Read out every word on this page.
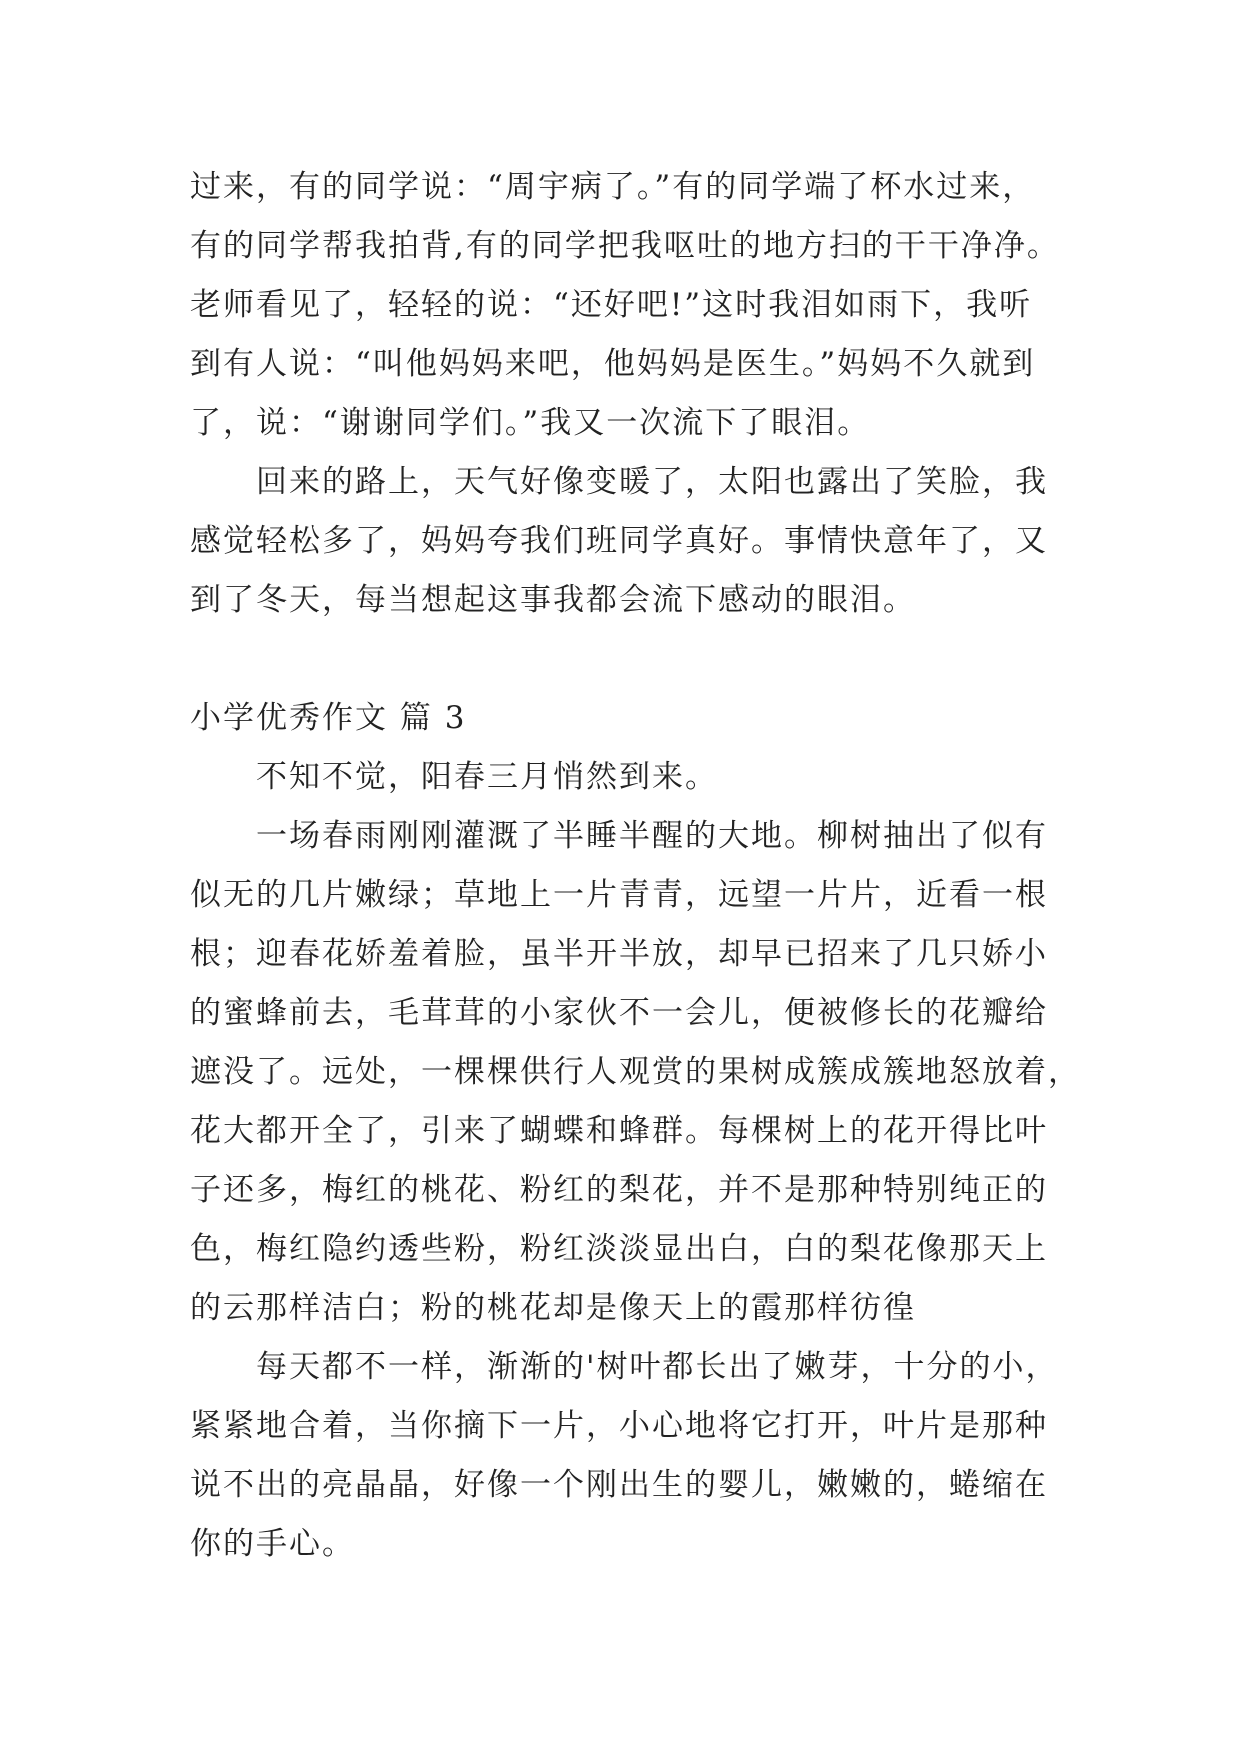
过来，有的同学说：“周宇病了。”有的同学端了杯水过来，
有的同学帮我拍背,有的同学把我呕吐的地方扫的干干净净。
老师看见了，轻轻的说：“还好吧!”这时我泪如雨下，我听
到有人说：“叫他妈妈来吧，他妈妈是医生。”妈妈不久就到
了，说：“谢谢同学们。”我又一次流下了眼泪。
回来的路上，天气好像变暖了，太阳也露出了笑脸，我
感觉轻松多了，妈妈夸我们班同学真好。事情快意年了，又
到了冬天，每当想起这事我都会流下感动的眼泪。
小学优秀作文 篇 3
不知不觉，阳春三月悄然到来。
一场春雨刚刚灌溉了半睡半醒的大地。柳树抽出了似有
似无的几片嫩绿；草地上一片青青，远望一片片，近看一根
根；迎春花娇羞着脸，虽半开半放，却早已招来了几只娇小
的蜜蜂前去，毛茸茸的小家伙不一会儿，便被修长的花瓣给
遮没了。远处，一棵棵供行人观赏的果树成簇成簇地怒放着，
花大都开全了，引来了蝴蝶和蜂群。每棵树上的花开得比叶
子还多，梅红的桃花、粉红的梨花，并不是那种特别纯正的
色，梅红隐约透些粉，粉红淡淡显出白，白的梨花像那天上
的云那样洁白；粉的桃花却是像天上的霞那样彷徨
每天都不一样，渐渐的'树叶都长出了嫩芽，十分的小，
紧紧地合着，当你摘下一片，小心地将它打开，叶片是那种
说不出的亮晶晶，好像一个刚出生的婴儿，嫩嫩的，蜷缩在
你的手心。
